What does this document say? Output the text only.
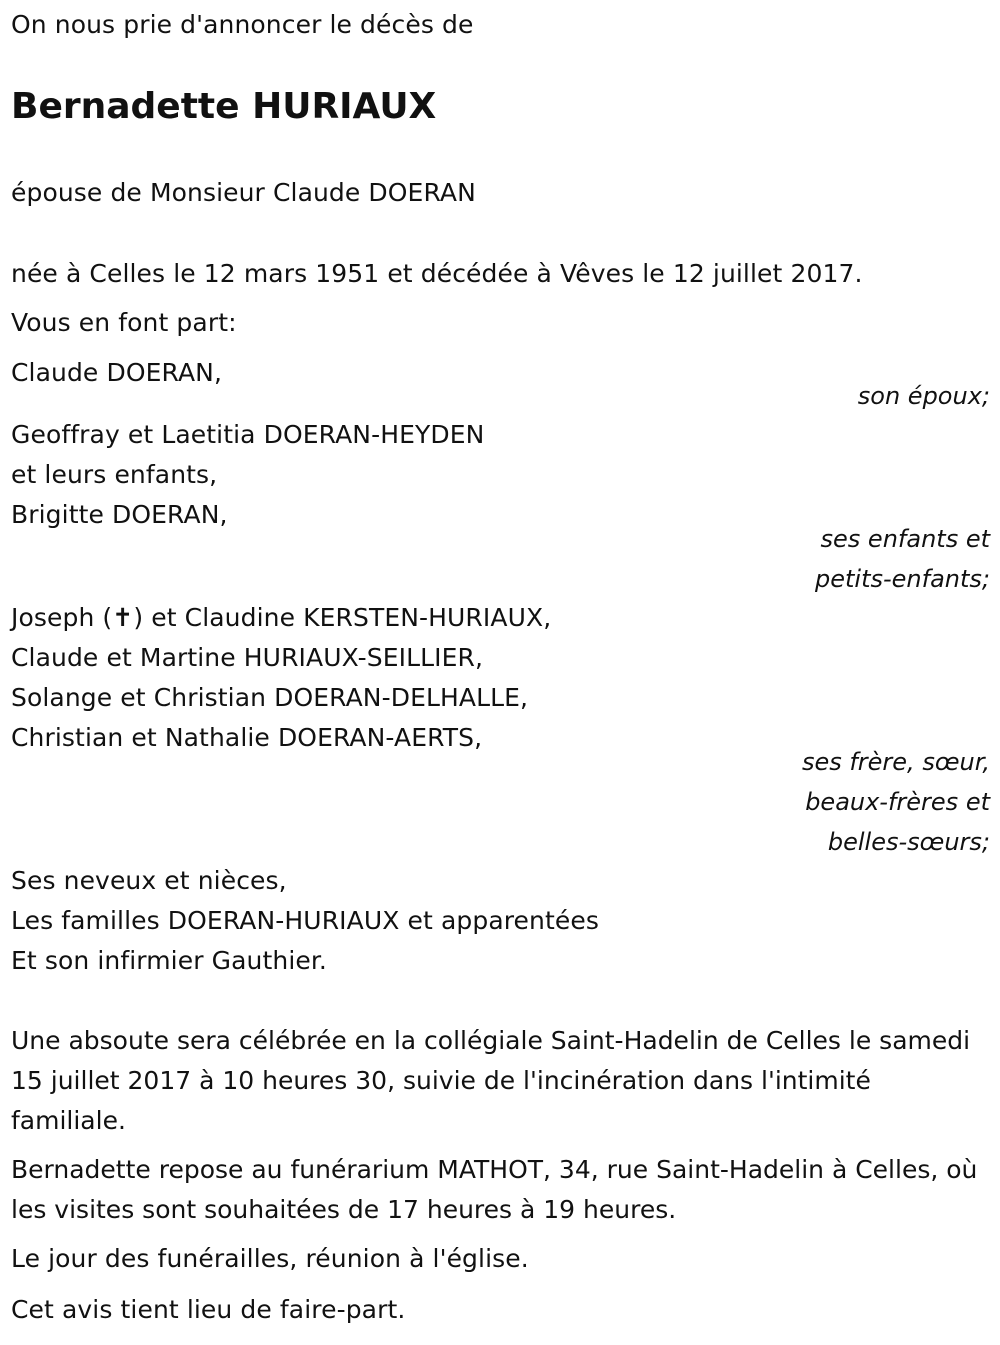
On nous prie d'annoncer le décès de
Bernadette HURIAUX
épouse de Monsieur Claude DOERAN
née à Celles le 12 mars 1951 et décédée à Vêves le 12 juillet 2017.
Vous en font part:
Claude DOERAN,
son époux;
Geoffray et Laetitia DOERAN-HEYDEN
et leurs enfants,
Brigitte DOERAN,
ses enfants et
petits-enfants;
Joseph (✝) et Claudine KERSTEN-HURIAUX,
Claude et Martine HURIAUX-SEILLIER,
Solange et Christian DOERAN-DELHALLE,
Christian et Nathalie DOERAN-AERTS,
ses frère, sœur,
beaux-frères et
belles-sœurs;
Ses neveux et nièces,
Les familles DOERAN-HURIAUX et apparentées
Et son infirmier Gauthier.
Une absoute sera célébrée en la collégiale Saint-Hadelin de Celles le samedi 15 juillet 2017 à 10 heures 30, suivie de l'incinération dans l'intimité familiale.
Bernadette repose au funérarium MATHOT, 34, rue Saint-Hadelin à Celles, où les visites sont souhaitées de 17 heures à 19 heures.
Le jour des funérailles, réunion à l'église.
Cet avis tient lieu de faire-part.
